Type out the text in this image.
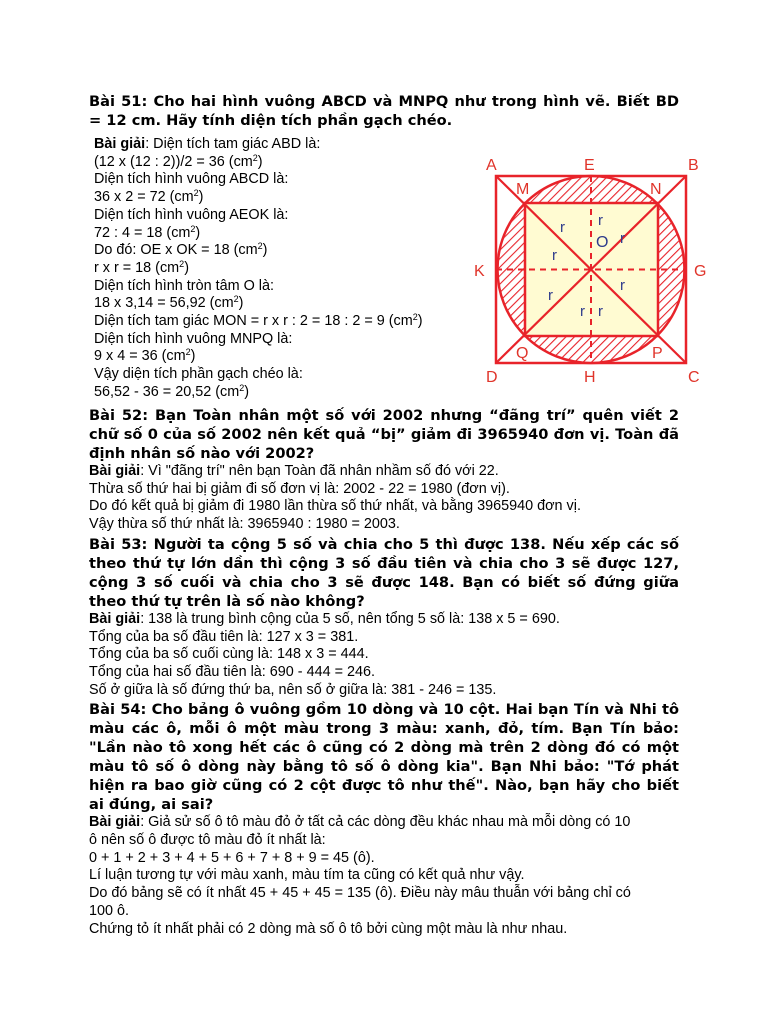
Bài 51: Cho hai hình vuông ABCD và MNPQ như trong hình vẽ. Biết BD = 12 cm. Hãy tính diện tích phần gạch chéo.
Bài giải: Diện tích tam giác ABD là:
(12 x (12 : 2))/2 = 36 $(cm^2)$
Diện tích hình vuông ABCD là:
36 x 2 = 72 $(cm^2)$
Diện tích hình vuông AEOK là:
72 : 4 = 18 $(cm^2)$
Do đó: OE x OK = 18 $(cm^2)$
r x r = 18 $(cm^2)$
Diện tích hình tròn tâm O là:
18 x 3,14 = 56,92 $(cm^2)$
Diện tích tam giác MON = r x r : 2 = 18 : 2 = 9 $(cm^2)$
Diện tích hình vuông MNPQ là:
9 x 4 = 36 $(cm^2)$
Vậy diện tích phần gạch chéo là:
56,52 - 36 = 20,52 $(cm^2)$
Bài 52: Bạn Toàn nhân một số với 2002 nhưng “đãng trí” quên viết 2 chữ số 0 của số 2002 nên kết quả “bị” giảm đi 3965940 đơn vị. Toàn đã định nhân số nào với 2002?
Bài giải: Vì "đãng trí" nên bạn Toàn đã nhân nhầm số đó với 22.
Thừa số thứ hai bị giảm đi số đơn vị là: 2002 - 22 = 1980 (đơn vị).
Do đó kết quả bị giảm đi 1980 lần thừa số thứ nhất, và bằng 3965940 đơn vị.
Vậy thừa số thứ nhất là: 3965940 : 1980 = 2003.
Bài 53: Người ta cộng 5 số và chia cho 5 thì được 138. Nếu xếp các số theo thứ tự lớn dần thì cộng 3 số đầu tiên và chia cho 3 sẽ được 127, cộng 3 số cuối và chia cho 3 sẽ được 148. Bạn có biết số đứng giữa theo thứ tự trên là số nào không?
Bài giải: 138 là trung bình cộng của 5 số, nên tổng 5 số là: 138 x 5 = 690.
Tổng của ba số đầu tiên là: 127 x 3 = 381.
Tổng của ba số cuối cùng là: 148 x 3 = 444.
Tổng của hai số đầu tiên là: 690 - 444 = 246.
Số ở giữa là số đứng thứ ba, nên số ở giữa là: 381 - 246 = 135.
Bài 54: Cho bảng ô vuông gồm 10 dòng và 10 cột. Hai bạn Tín và Nhi tô màu các ô, mỗi ô một màu trong 3 màu: xanh, đỏ, tím. Bạn Tín bảo: "Lần nào tô xong hết các ô cũng có 2 dòng mà trên 2 dòng đó có một màu tô số ô dòng này bằng tô số ô dòng kia". Bạn Nhi bảo: "Tớ phát hiện ra bao giờ cũng có 2 cột được tô như thế". Nào, bạn hãy cho biết ai đúng, ai sai?
Bài giải: Giả sử số ô tô màu đỏ ở tất cả các dòng đều khác nhau mà mỗi dòng có 10
ô nên số ô được tô màu đỏ ít nhất là:
0 + 1 + 2 + 3 + 4 + 5 + 6 + 7 + 8 + 9 = 45 (ô).
Lí luận tương tự với màu xanh, màu tím ta cũng có kết quả như vậy.
Do đó bảng sẽ có ít nhất 45 + 45 + 45 = 135 (ô). Điều này mâu thuẫn với bảng chỉ có
100 ô.
Chứng tỏ ít nhất phải có 2 dòng mà số ô tô bởi cùng một màu là như nhau.
A	E	B
M	N
O
K	G
Q	P
D	H	C
r r
r
r
r
r
r r
